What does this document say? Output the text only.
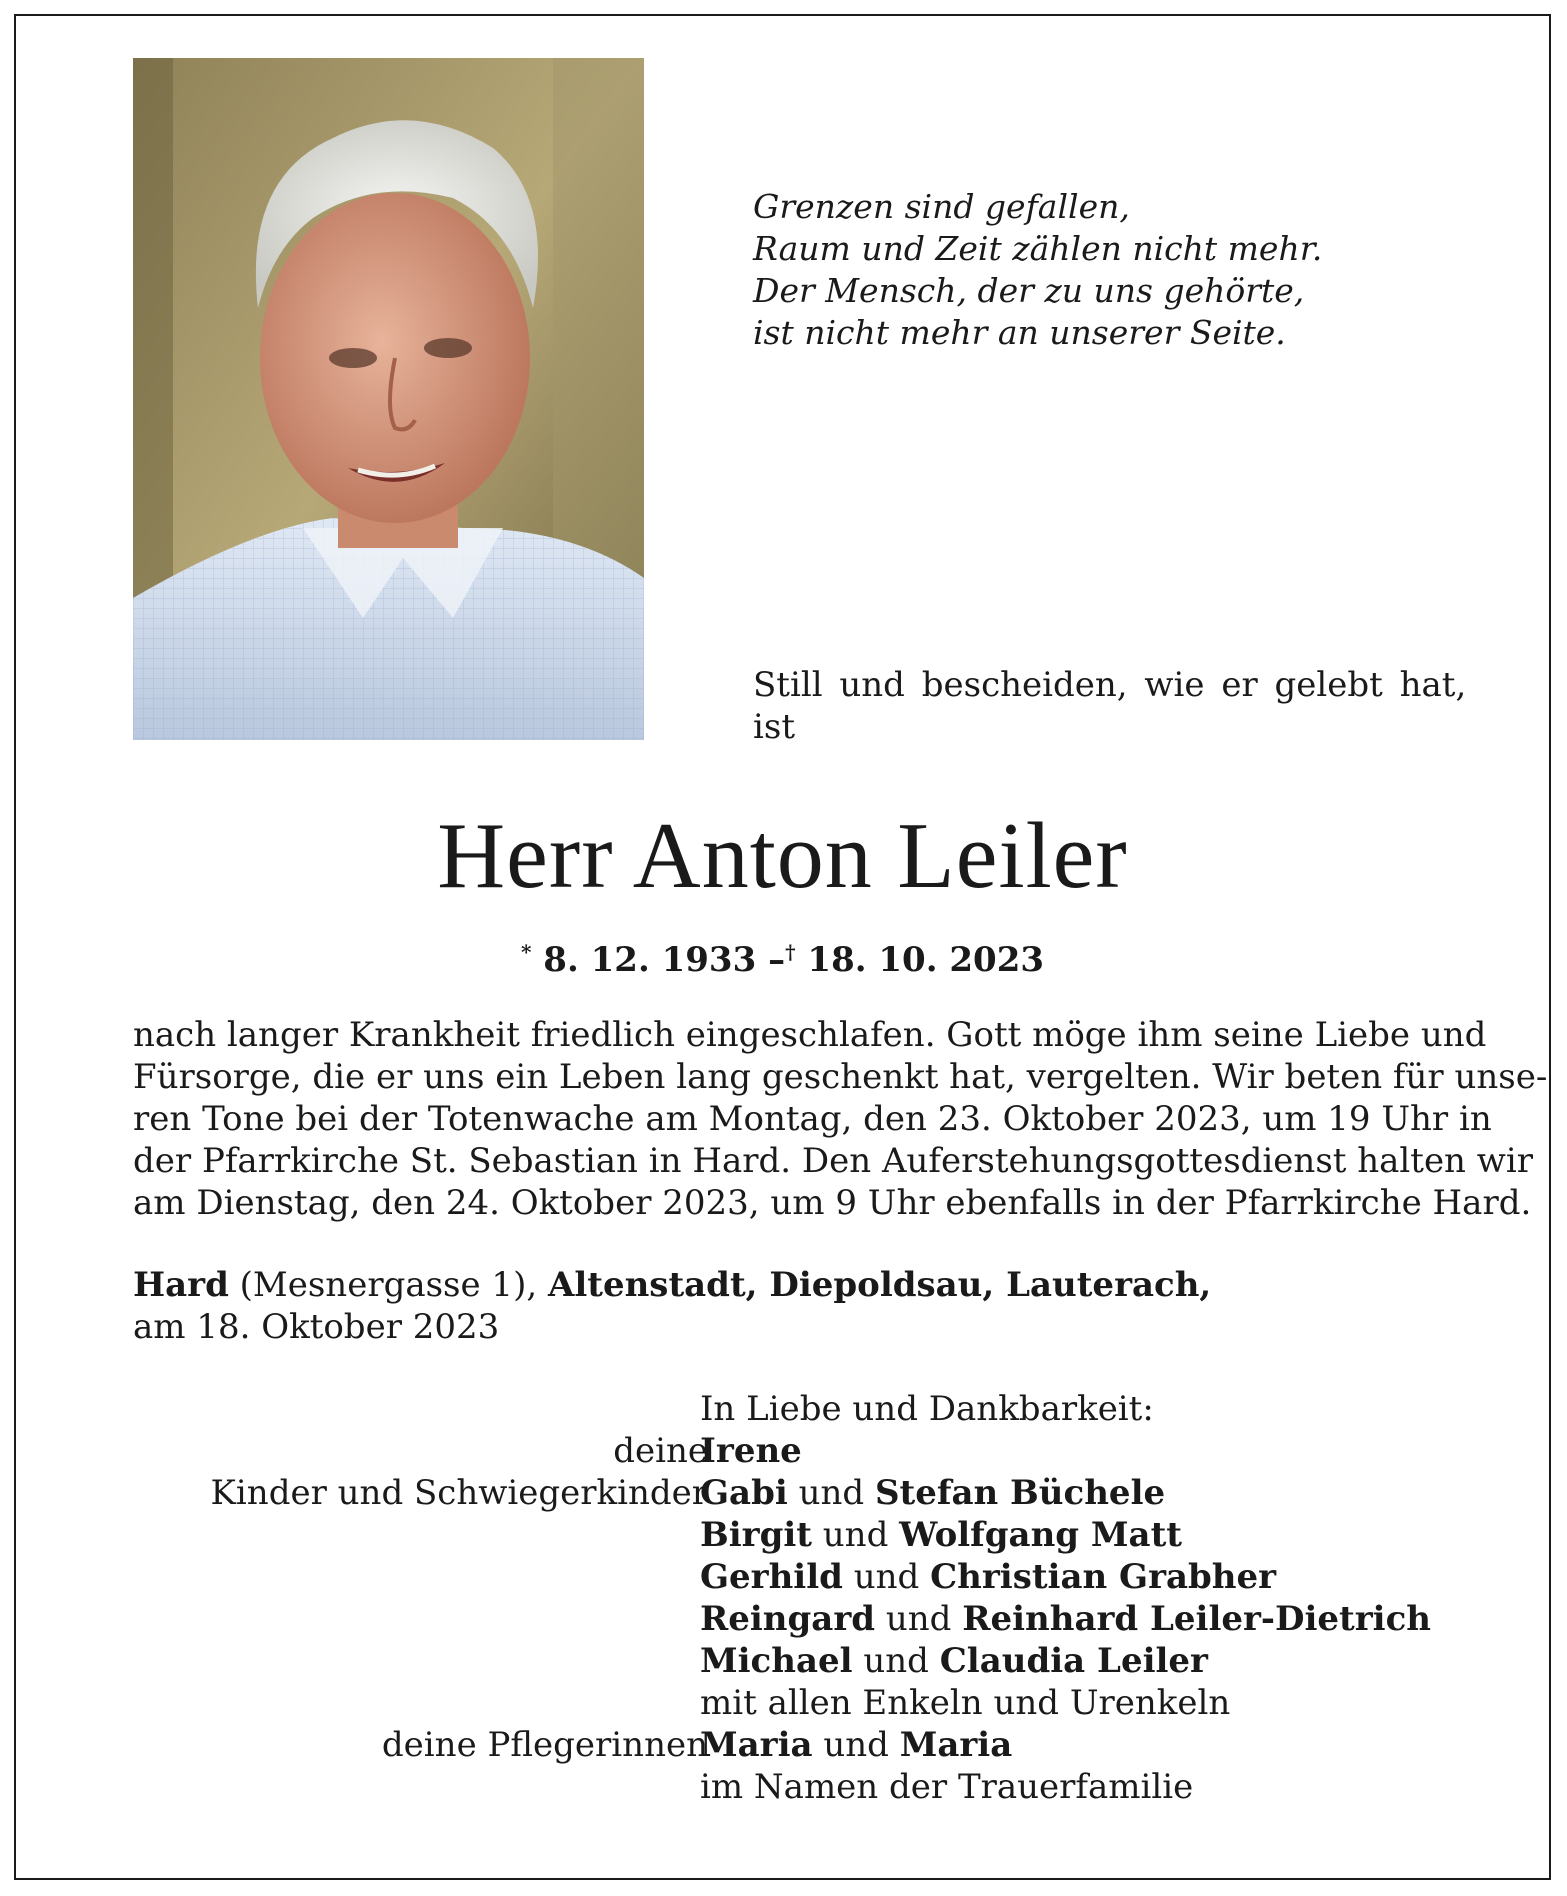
Grenzen sind gefallen,
Raum und Zeit zählen nicht mehr.
Der Mensch, der zu uns gehörte,
ist nicht mehr an unserer Seite.
Still und bescheiden, wie er gelebt hat,
ist
Herr Anton Leiler
* 8. 12. 1933 –† 18. 10. 2023
nach langer Krankheit friedlich eingeschlafen. Gott möge ihm seine Liebe und
Fürsorge, die er uns ein Leben lang geschenkt hat, vergelten. Wir beten für unse-
ren Tone bei der Totenwache am Montag, den 23. Oktober 2023, um 19 Uhr in
der Pfarrkirche St. Sebastian in Hard. Den Auferstehungsgottesdienst halten wir
am Dienstag, den 24. Oktober 2023, um 9 Uhr ebenfalls in der Pfarrkirche Hard.
Hard (Mesnergasse 1), Altenstadt, Diepoldsau, Lauterach,
am 18. Oktober 2023
In Liebe und Dankbarkeit:
deine
Irene
Kinder und Schwiegerkinder
Gabi und Stefan Büchele
Birgit und Wolfgang Matt
Gerhild und Christian Grabher
Reingard und Reinhard Leiler-Dietrich
Michael und Claudia Leiler
mit allen Enkeln und Urenkeln
deine Pflegerinnen
Maria und Maria
im Namen der Trauerfamilie
